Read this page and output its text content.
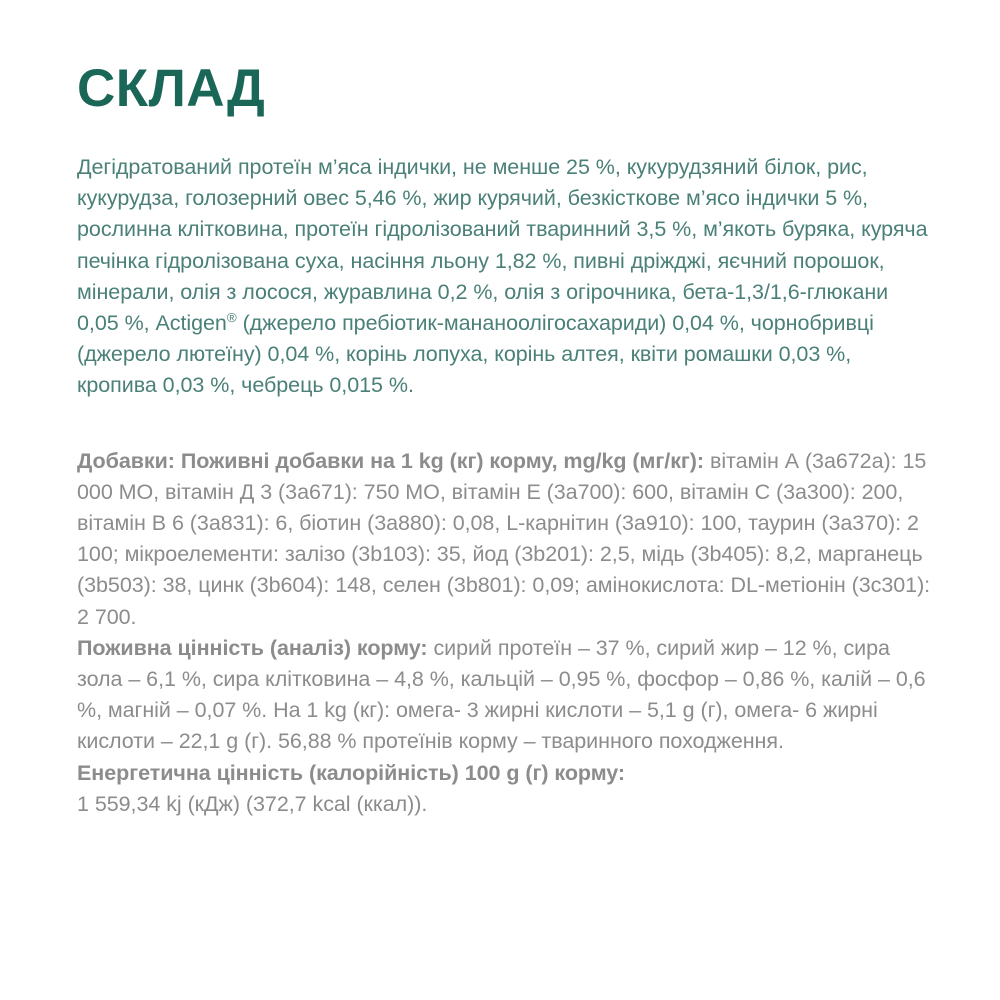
СКЛАД

Дегідратований протеїн м’яса індички, не менше 25 %, кукурудзяний білок, рис, кукурудза, голозерний овес 5,46 %, жир курячий, безкісткове м’ясо індички 5 %, рослинна клітковина, протеїн гідролізований тваринний 3,5 %, м’якоть буряка, куряча печінка гідролізована суха, насіння льону 1,82 %, пивні дріжджі, яєчний порошок, мінерали, олія з лосося, журавлина 0,2 %, олія з огірочника, бета-1,3/1,6-глюкани 0,05 %, Actigen® (джерело пребіотик-мананоолігосахариди) 0,04 %, чорнобривці (джерело лютеїну) 0,04 %, корінь лопуха, корінь алтея, квіти ромашки 0,03 %, кропива 0,03 %, чебрець 0,015 %.

Добавки: Поживні добавки на 1 kg (кг) корму, mg/kg (мг/кг): вітамін А (3а672а): 15 000 МО, вітамін Д 3 (3а671): 750 МО, вітамін Е (3а700): 600, вітамін С (3а300): 200, вітамін В 6 (3а831): 6, біотин (3а880): 0,08, L-карнітин (3а910): 100, таурин (3а370): 2 100; мікроелементи: залізо (3b103): 35, йод (3b201): 2,5, мідь (3b405): 8,2, марганець (3b503): 38, цинк (3b604): 148, селен (3b801): 0,09; амінокислота: DL-метіонін (3c301): 2 700.

Поживна цінність (аналіз) корму: сирий протеїн – 37 %, сирий жир – 12 %, сира зола – 6,1 %, сира клітковина – 4,8 %, кальцій – 0,95 %, фосфор – 0,86 %, калій – 0,6 %, магній – 0,07 %. На 1 kg (кг): омега- 3 жирні кислоти – 5,1 g (г), омега- 6 жирні кислоти – 22,1 g (г). 56,88 % протеїнів корму – тваринного походження.

Енергетична цінність (калорійність) 100 g (г) корму:

1 559,34 kj (кДж) (372,7 kcal (ккал)).
